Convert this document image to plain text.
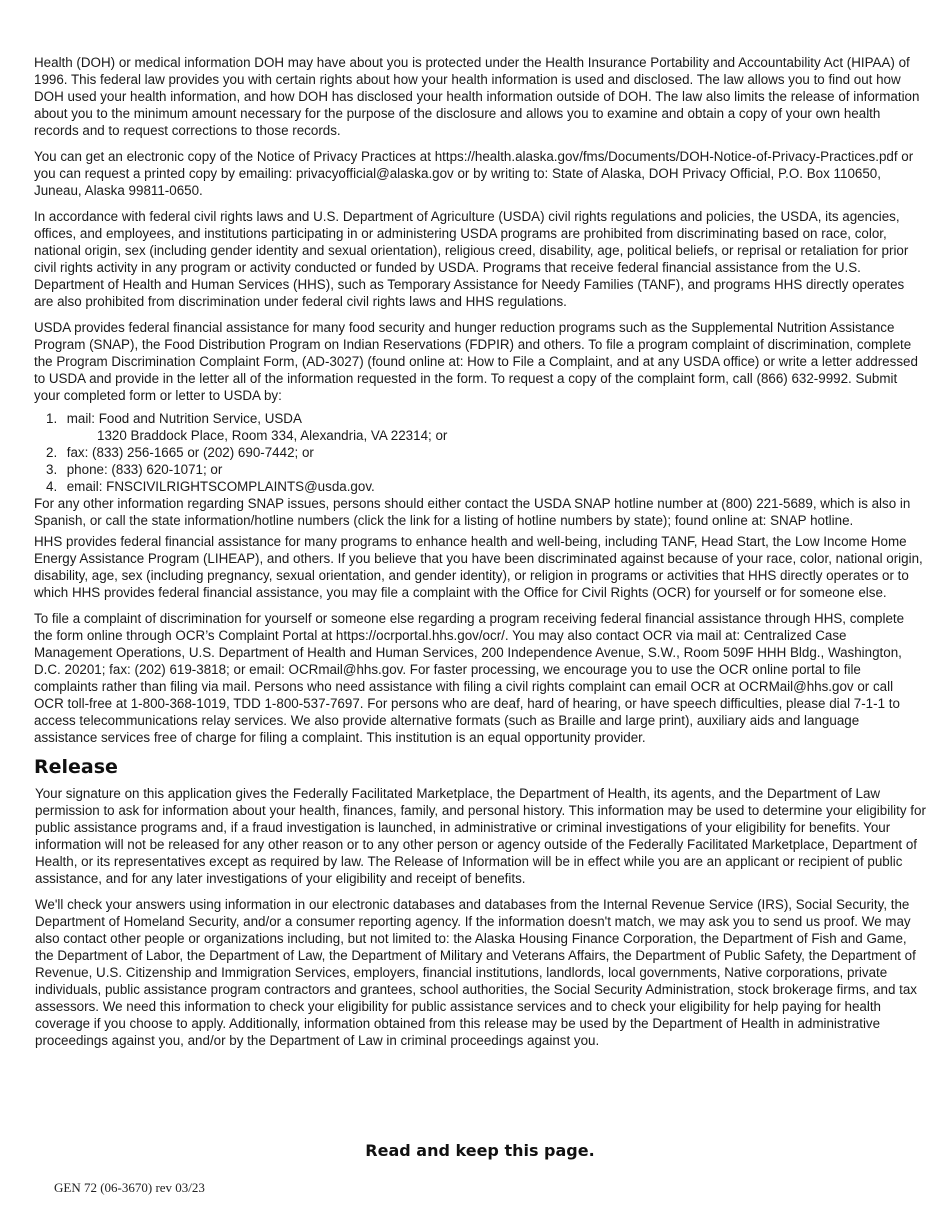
Health (DOH) or medical information DOH may have about you is protected under the Health Insurance Portability and Accountability Act (HIPAA) of 1996. This federal law provides you with certain rights about how your health information is used and disclosed. The law allows you to find out how DOH used your health information, and how DOH has disclosed your health information outside of DOH. The law also limits the release of information about you to the minimum amount necessary for the purpose of the disclosure and allows you to examine and obtain a copy of your own health records and to request corrections to those records.

You can get an electronic copy of the Notice of Privacy Practices at https://health.alaska.gov/fms/Documents/DOH-Notice-of-Privacy-Practices.pdf or you can request a printed copy by emailing: privacyofficial@alaska.gov or by writing to: State of Alaska, DOH Privacy Official, P.O. Box 110650, Juneau, Alaska 99811-0650.

In accordance with federal civil rights laws and U.S. Department of Agriculture (USDA) civil rights regulations and policies, the USDA, its agencies, offices, and employees, and institutions participating in or administering USDA programs are prohibited from discriminating based on race, color, national origin, sex (including gender identity and sexual orientation), religious creed, disability, age, political beliefs, or reprisal or retaliation for prior civil rights activity in any program or activity conducted or funded by USDA. Programs that receive federal financial assistance from the U.S. Department of Health and Human Services (HHS), such as Temporary Assistance for Needy Families (TANF), and programs HHS directly operates are also prohibited from discrimination under federal civil rights laws and HHS regulations.

USDA provides federal financial assistance for many food security and hunger reduction programs such as the Supplemental Nutrition Assistance Program (SNAP), the Food Distribution Program on Indian Reservations (FDPIR) and others. To file a program complaint of discrimination, complete the Program Discrimination Complaint Form, (AD-3027) (found online at: How to File a Complaint, and at any USDA office) or write a letter addressed to USDA and provide in the letter all of the information requested in the form. To request a copy of the complaint form, call (866) 632-9992. Submit your completed form or letter to USDA by:

1. mail: Food and Nutrition Service, USDA
1320 Braddock Place, Room 334, Alexandria, VA 22314; or
2. fax: (833) 256-1665 or (202) 690-7442; or
3. phone: (833) 620-1071; or
4. email: FNSCIVILRIGHTSCOMPLAINTS@usda.gov.

For any other information regarding SNAP issues, persons should either contact the USDA SNAP hotline number at (800) 221-5689, which is also in Spanish, or call the state information/hotline numbers (click the link for a listing of hotline numbers by state); found online at: SNAP hotline.

HHS provides federal financial assistance for many programs to enhance health and well-being, including TANF, Head Start, the Low Income Home Energy Assistance Program (LIHEAP), and others. If you believe that you have been discriminated against because of your race, color, national origin, disability, age, sex (including pregnancy, sexual orientation, and gender identity), or religion in programs or activities that HHS directly operates or to which HHS provides federal financial assistance, you may file a complaint with the Office for Civil Rights (OCR) for yourself or for someone else.

To file a complaint of discrimination for yourself or someone else regarding a program receiving federal financial assistance through HHS, complete the form online through OCR’s Complaint Portal at https://ocrportal.hhs.gov/ocr/. You may also contact OCR via mail at: Centralized Case Management Operations, U.S. Department of Health and Human Services, 200 Independence Avenue, S.W., Room 509F HHH Bldg., Washington, D.C. 20201; fax: (202) 619-3818; or email: OCRmail@hhs.gov. For faster processing, we encourage you to use the OCR online portal to file complaints rather than filing via mail. Persons who need assistance with filing a civil rights complaint can email OCR at OCRMail@hhs.gov or call OCR toll-free at 1-800-368-1019, TDD 1-800-537-7697. For persons who are deaf, hard of hearing, or have speech difficulties, please dial 7-1-1 to access telecommunications relay services. We also provide alternative formats (such as Braille and large print), auxiliary aids and language assistance services free of charge for filing a complaint. This institution is an equal opportunity provider.

Release

Your signature on this application gives the Federally Facilitated Marketplace, the Department of Health, its agents, and the Department of Law permission to ask for information about your health, finances, family, and personal history. This information may be used to determine your eligibility for public assistance programs and, if a fraud investigation is launched, in administrative or criminal investigations of your eligibility for benefits. Your information will not be released for any other reason or to any other person or agency outside of the Federally Facilitated Marketplace, Department of Health, or its representatives except as required by law. The Release of Information will be in effect while you are an applicant or recipient of public assistance, and for any later investigations of your eligibility and receipt of benefits.

We'll check your answers using information in our electronic databases and databases from the Internal Revenue Service (IRS), Social Security, the Department of Homeland Security, and/or a consumer reporting agency. If the information doesn't match, we may ask you to send us proof. We may also contact other people or organizations including, but not limited to: the Alaska Housing Finance Corporation, the Department of Fish and Game, the Department of Labor, the Department of Law, the Department of Military and Veterans Affairs, the Department of Public Safety, the Department of Revenue, U.S. Citizenship and Immigration Services, employers, financial institutions, landlords, local governments, Native corporations, private individuals, public assistance program contractors and grantees, school authorities, the Social Security Administration, stock brokerage firms, and tax assessors. We need this information to check your eligibility for public assistance services and to check your eligibility for help paying for health coverage if you choose to apply. Additionally, information obtained from this release may be used by the Department of Health in administrative proceedings against you, and/or by the Department of Law in criminal proceedings against you.

Read and keep this page.
GEN 72 (06-3670) rev 03/23
